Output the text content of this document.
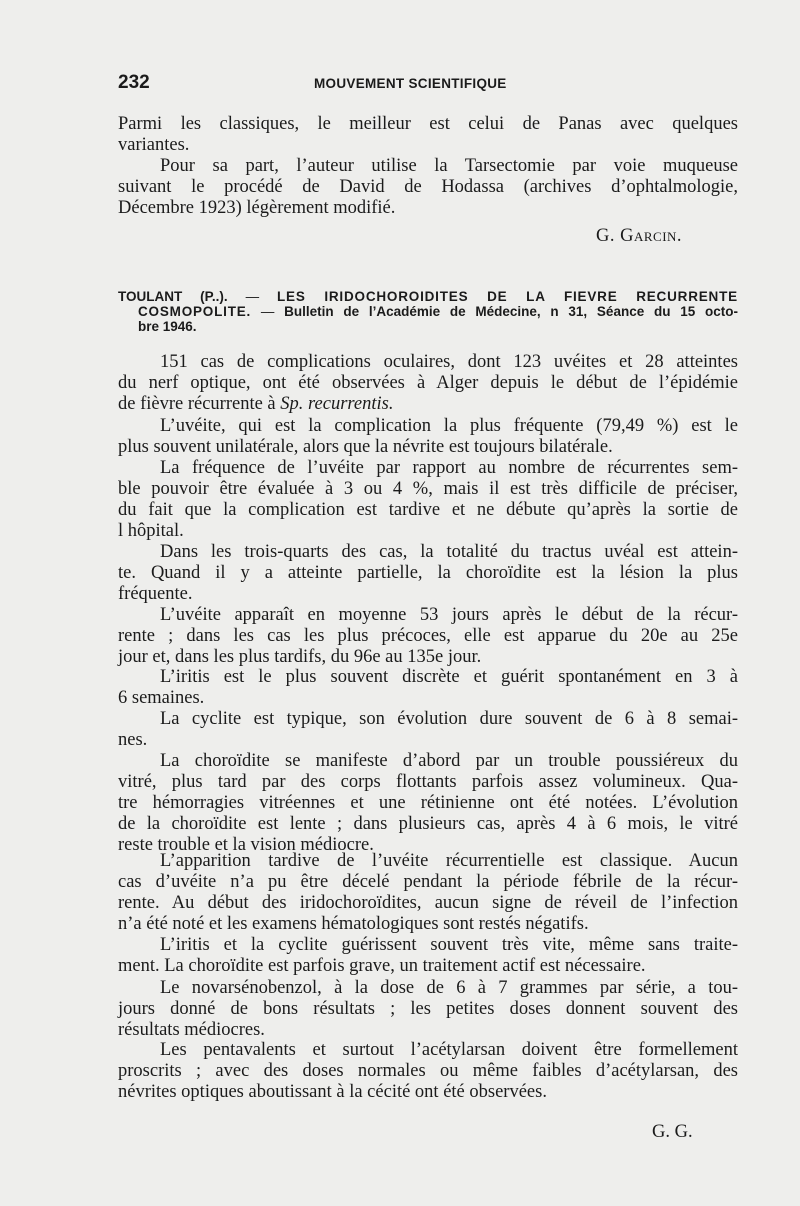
232	MOUVEMENT SCIENTIFIQUE

Parmi les classiques, le meilleur est celui de Panas avec quelques
variantes.

Pour sa part, l’auteur utilise la Tarsectomie par voie muqueuse
suivant le procédé de David de Hodassa (archives d’ophtalmologie,
Décembre 1923) légèrement modifié.

G. Garcin.
TOULANT (P..). — LES IRIDOCHOROIDITES DE LA FIEVRE RECURRENTE
COSMOPOLITE. — Bulletin de l’Académie de Médecine, n 31, Séance du 15 octo-
bre 1946.

151 cas de complications oculaires, dont 123 uvéites et 28 atteintes
du nerf optique, ont été observées à Alger depuis le début de l’épidémie
de fièvre récurrente à Sp. recurrentis.

L’uvéite, qui est la complication la plus fréquente (79,49 %) est le
plus souvent unilatérale, alors que la névrite est toujours bilatérale.

La fréquence de l’uvéite par rapport au nombre de récurrentes sem-
ble pouvoir être évaluée à 3 ou 4 %, mais il est très difficile de préciser,
du fait que la complication est tardive et ne débute qu’après la sortie de
l hôpital.

Dans les trois-quarts des cas, la totalité du tractus uvéal est attein-
te. Quand il y a atteinte partielle, la choroïdite est la lésion la plus
fréquente.

L’uvéite apparaît en moyenne 53 jours après le début de la récur-
rente ; dans les cas les plus précoces, elle est apparue du 20e au 25e
jour et, dans les plus tardifs, du 96e au 135e jour.

L’iritis est le plus souvent discrète et guérit spontanément en 3 à
6 semaines.

La cyclite est typique, son évolution dure souvent de 6 à 8 semai-
nes.

La choroïdite se manifeste d’abord par un trouble poussiéreux du
vitré, plus tard par des corps flottants parfois assez volumineux. Qua-
tre hémorragies vitréennes et une rétinienne ont été notées. L’évolution
de la choroïdite est lente ; dans plusieurs cas, après 4 à 6 mois, le vitré
reste trouble et la vision médiocre.

L’apparition tardive de l’uvéite récurrentielle est classique. Aucun
cas d’uvéite n’a pu être décelé pendant la période fébrile de la récur-
rente. Au début des iridochoroïdites, aucun signe de réveil de l’infection
n’a été noté et les examens hématologiques sont restés négatifs.

L’iritis et la cyclite guérissent souvent très vite, même sans traite-
ment. La choroïdite est parfois grave, un traitement actif est nécessaire.

Le novarsénobenzol, à la dose de 6 à 7 grammes par série, a tou-
jours donné de bons résultats ; les petites doses donnent souvent des
résultats médiocres.

Les pentavalents et surtout l’acétylarsan doivent être formellement
proscrits ; avec des doses normales ou même faibles d’acétylarsan, des
névrites optiques aboutissant à la cécité ont été observées.

G. G.
